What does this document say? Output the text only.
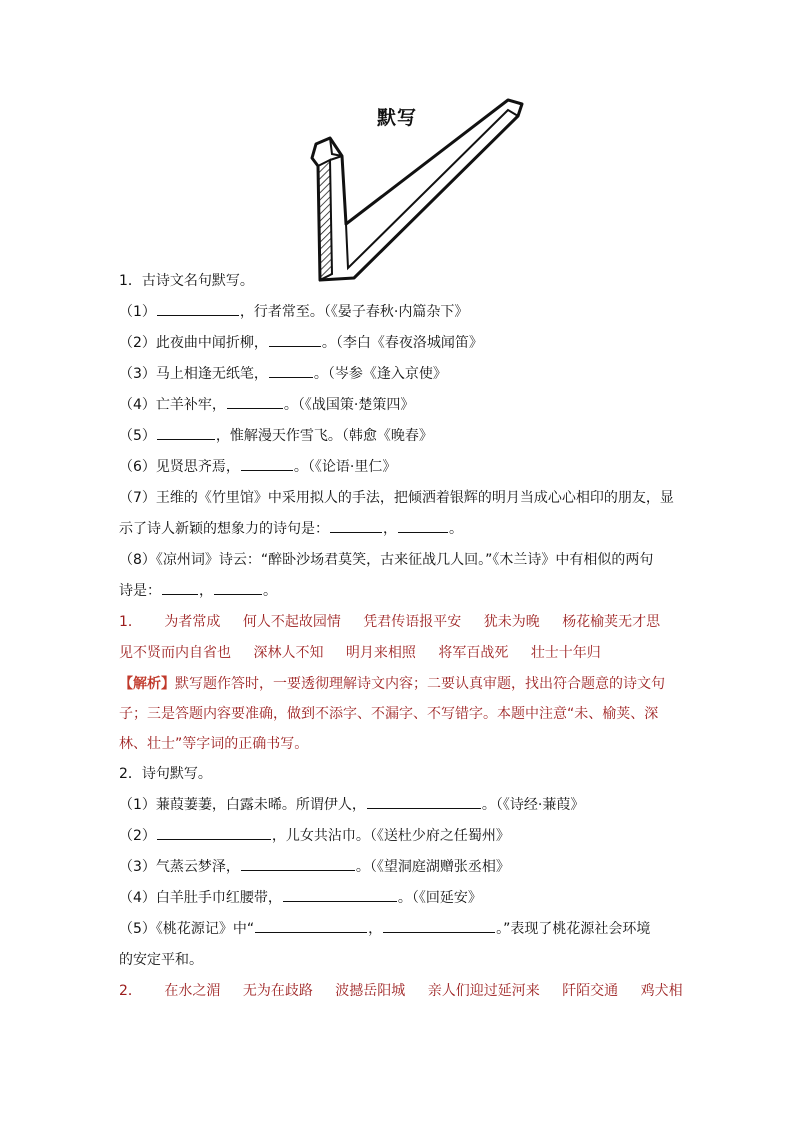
默写
1．古诗文名句默写。
（1）	，行者常至。（《晏子春秋·内篇杂下》
（2）此夜曲中闻折柳，	。（李白《春夜洛城闻笛》
（3）马上相逢无纸笔，	。（岑参《逢入京使》
（4）亡羊补牢，	。（《战国策·楚策四》
（5）	，惟解漫天作雪飞。（韩愈《晚春》
（6）见贤思齐焉，	。（《论语·里仁》
（7）王维的《竹里馆》中采用拟人的手法，把倾洒着银辉的明月当成心心相印的朋友，显
示了诗人新颖的想象力的诗句是：	，	。
（8）《凉州词》诗云：“醉卧沙场君莫笑，古来征战几人回。”《木兰诗》中有相似的两句
诗是：	，	。
1． 为者常成 何人不起故园情 凭君传语报平安 犹未为晚 杨花榆荚无才思
见不贤而内自省也 深林人不知 明月来相照 将军百战死 壮士十年归
【解析】默写题作答时，一要透彻理解诗文内容；二要认真审题，找出符合题意的诗文句子；三是答题内容要准确，做到不添字、不漏字、不写错字。本题中注意“未、榆荚、深林、壮士”等字词的正确书写。
2．诗句默写。
（1）蒹葭萋萋，白露未晞。所谓伊人，	。（《诗经·蒹葭》
（2）	，儿女共沾巾。（《送杜少府之任蜀州》
（3）气蒸云梦泽，	。（《望洞庭湖赠张丞相》
（4）白羊肚手巾红腰带，	。（《回延安》
（5）《桃花源记》中“	，	。”表现了桃花源社会环境
的安定平和。
2． 在水之湄 无为在歧路 波撼岳阳城 亲人们迎过延河来 阡陌交通 鸡犬相
